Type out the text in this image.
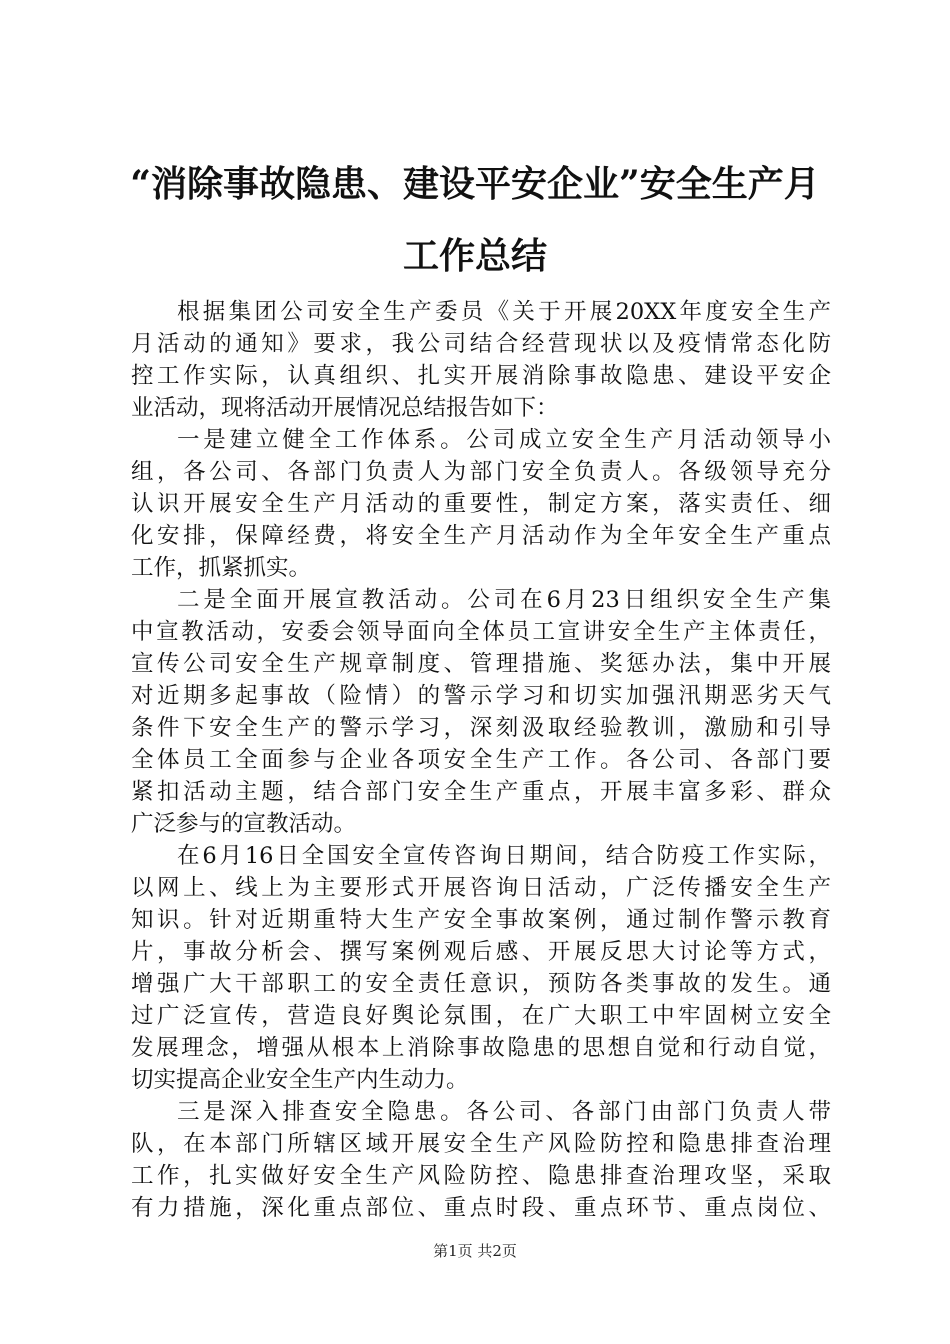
“消除事故隐患、建设平安企业”安全生产月
工作总结
根据集团公司安全生产委员《关于开展20XX年度安全生产
月活动的通知》要求，我公司结合经营现状以及疫情常态化防
控工作实际，认真组织、扎实开展消除事故隐患、建设平安企
业活动，现将活动开展情况总结报告如下：
一是建立健全工作体系。公司成立安全生产月活动领导小
组，各公司、各部门负责人为部门安全负责人。各级领导充分
认识开展安全生产月活动的重要性，制定方案，落实责任、细
化安排，保障经费，将安全生产月活动作为全年安全生产重点
工作，抓紧抓实。
二是全面开展宣教活动。公司在6月23日组织安全生产集
中宣教活动，安委会领导面向全体员工宣讲安全生产主体责任，
宣传公司安全生产规章制度、管理措施、奖惩办法，集中开展
对近期多起事故（险情）的警示学习和切实加强汛期恶劣天气
条件下安全生产的警示学习，深刻汲取经验教训，激励和引导
全体员工全面参与企业各项安全生产工作。各公司、各部门要
紧扣活动主题，结合部门安全生产重点，开展丰富多彩、群众
广泛参与的宣教活动。
在6月16日全国安全宣传咨询日期间，结合防疫工作实际，
以网上、线上为主要形式开展咨询日活动，广泛传播安全生产
知识。针对近期重特大生产安全事故案例，通过制作警示教育
片，事故分析会、撰写案例观后感、开展反思大讨论等方式，
增强广大干部职工的安全责任意识，预防各类事故的发生。通
过广泛宣传，营造良好舆论氛围，在广大职工中牢固树立安全
发展理念，增强从根本上消除事故隐患的思想自觉和行动自觉，
切实提高企业安全生产内生动力。
三是深入排查安全隐患。各公司、各部门由部门负责人带
队，在本部门所辖区域开展安全生产风险防控和隐患排查治理
工作，扎实做好安全生产风险防控、隐患排查治理攻坚，采取
有力措施，深化重点部位、重点时段、重点环节、重点岗位、
第1页 共2页
